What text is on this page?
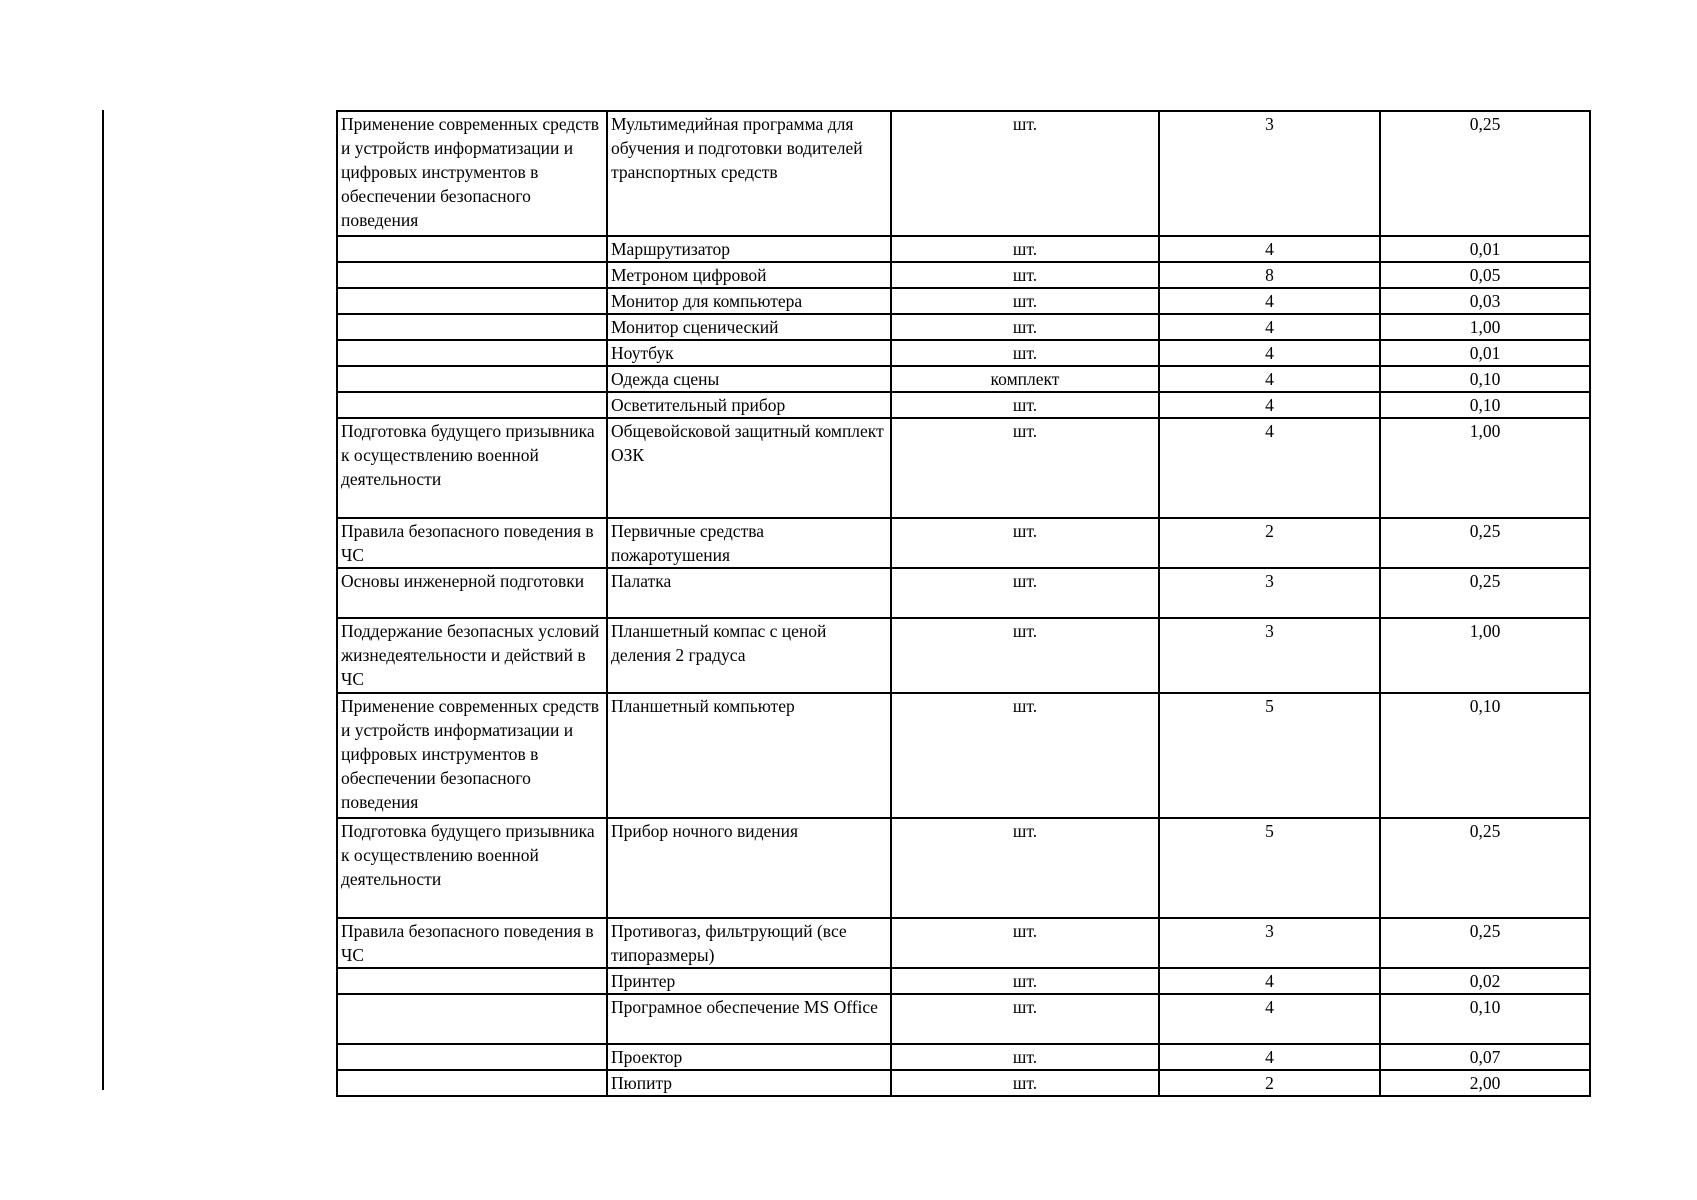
Применение современных средств и устройств информатизации и цифровых инструментов в обеспечении безопасного поведения	Мультимедийная программа для обучения и подготовки водителей транспортных средств	шт.	3	0,25
	Маршрутизатор	шт.	4	0,01
	Метроном цифровой	шт.	8	0,05
	Монитор для компьютера	шт.	4	0,03
	Монитор сценический	шт.	4	1,00
	Ноутбук	шт.	4	0,01
	Одежда сцены	комплект	4	0,10
	Осветительный прибор	шт.	4	0,10
Подготовка будущего призывника к осуществлению военной деятельности	Общевойсковой защитный комплект ОЗК	шт.	4	1,00
Правила безопасного поведения в ЧС	Первичные средства пожаротушения	шт.	2	0,25
Основы инженерной подготовки	Палатка	шт.	3	0,25
Поддержание безопасных условий жизнедеятельности и действий в ЧС	Планшетный компас с ценой деления 2 градуса	шт.	3	1,00
Применение современных средств и устройств информатизации и цифровых инструментов в обеспечении безопасного поведения	Планшетный компьютер	шт.	5	0,10
Подготовка будущего призывника к осуществлению военной деятельности	Прибор ночного видения	шт.	5	0,25
Правила безопасного поведения в ЧС	Противогаз, фильтрующий (все типоразмеры)	шт.	3	0,25
	Принтер	шт.	4	0,02
	Програмное обеспечение MS Office	шт.	4	0,10
	Проектор	шт.	4	0,07
	Пюпитр	шт.	2	2,00
